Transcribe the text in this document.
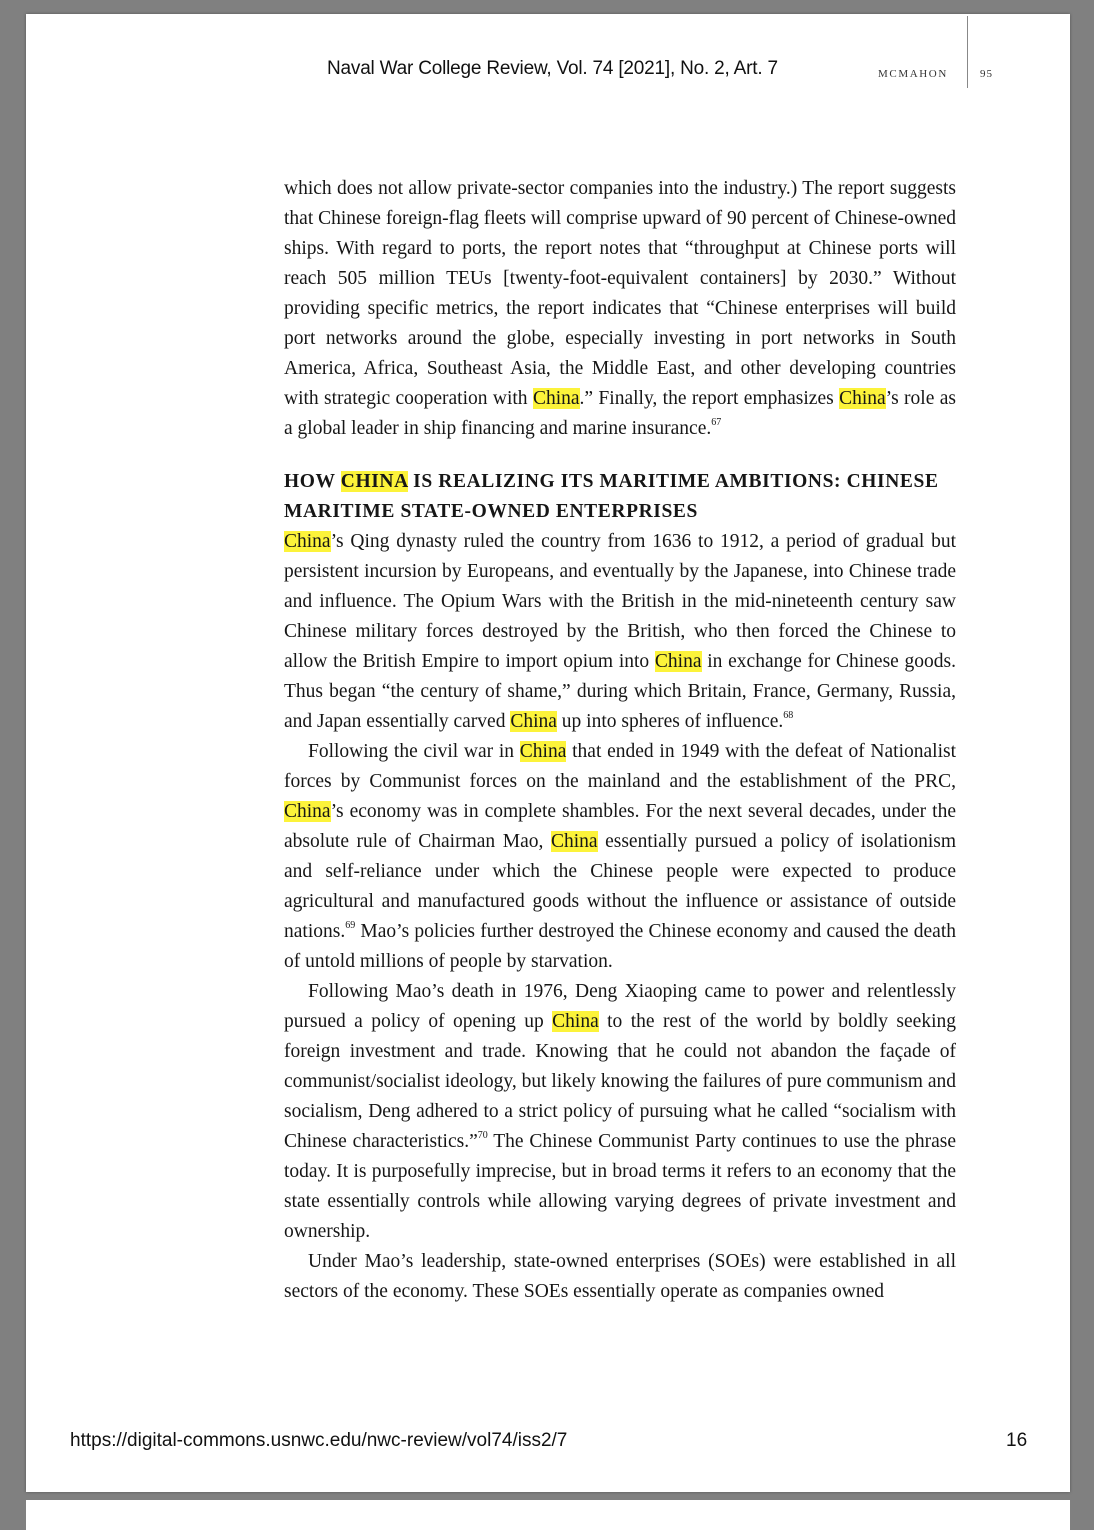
Naval War College Review, Vol. 74 [2021], No. 2, Art. 7	MCMAHON	95

which does not allow private-sector companies into the industry.) The report suggests that Chinese foreign-flag fleets will comprise upward of 90 percent of Chinese-owned ships. With regard to ports, the report notes that “throughput at Chinese ports will reach 505 million TEUs [twenty-foot-equivalent containers] by 2030.” Without providing specific metrics, the report indicates that “Chinese enterprises will build port networks around the globe, especially investing in port networks in South America, Africa, Southeast Asia, the Middle East, and other developing countries with strategic cooperation with China.” Finally, the report emphasizes China’s role as a global leader in ship financing and marine insurance.$^{67}$

HOW CHINA IS REALIZING ITS MARITIME AMBITIONS: CHINESE MARITIME STATE-OWNED ENTERPRISES

China’s Qing dynasty ruled the country from 1636 to 1912, a period of gradual but persistent incursion by Europeans, and eventually by the Japanese, into Chinese trade and influence. The Opium Wars with the British in the mid-nineteenth century saw Chinese military forces destroyed by the British, who then forced the Chinese to allow the British Empire to import opium into China in exchange for Chinese goods. Thus began “the century of shame,” during which Britain, France, Germany, Russia, and Japan essentially carved China up into spheres of influence.$^{68}$

Following the civil war in China that ended in 1949 with the defeat of Nationalist forces by Communist forces on the mainland and the establishment of the PRC, China’s economy was in complete shambles. For the next several decades, under the absolute rule of Chairman Mao, China essentially pursued a policy of isolationism and self-reliance under which the Chinese people were expected to produce agricultural and manufactured goods without the influence or assistance of outside nations.$^{69}$ Mao’s policies further destroyed the Chinese economy and caused the death of untold millions of people by starvation.

Following Mao’s death in 1976, Deng Xiaoping came to power and relentlessly pursued a policy of opening up China to the rest of the world by boldly seeking foreign investment and trade. Knowing that he could not abandon the façade of communist/socialist ideology, but likely knowing the failures of pure communism and socialism, Deng adhered to a strict policy of pursuing what he called “socialism with Chinese characteristics.”$^{70}$ The Chinese Communist Party continues to use the phrase today. It is purposefully imprecise, but in broad terms it refers to an economy that the state essentially controls while allowing varying degrees of private investment and ownership.

Under Mao’s leadership, state-owned enterprises (SOEs) were established in all sectors of the economy. These SOEs essentially operate as companies owned

https://digital-commons.usnwc.edu/nwc-review/vol74/iss2/7	16
